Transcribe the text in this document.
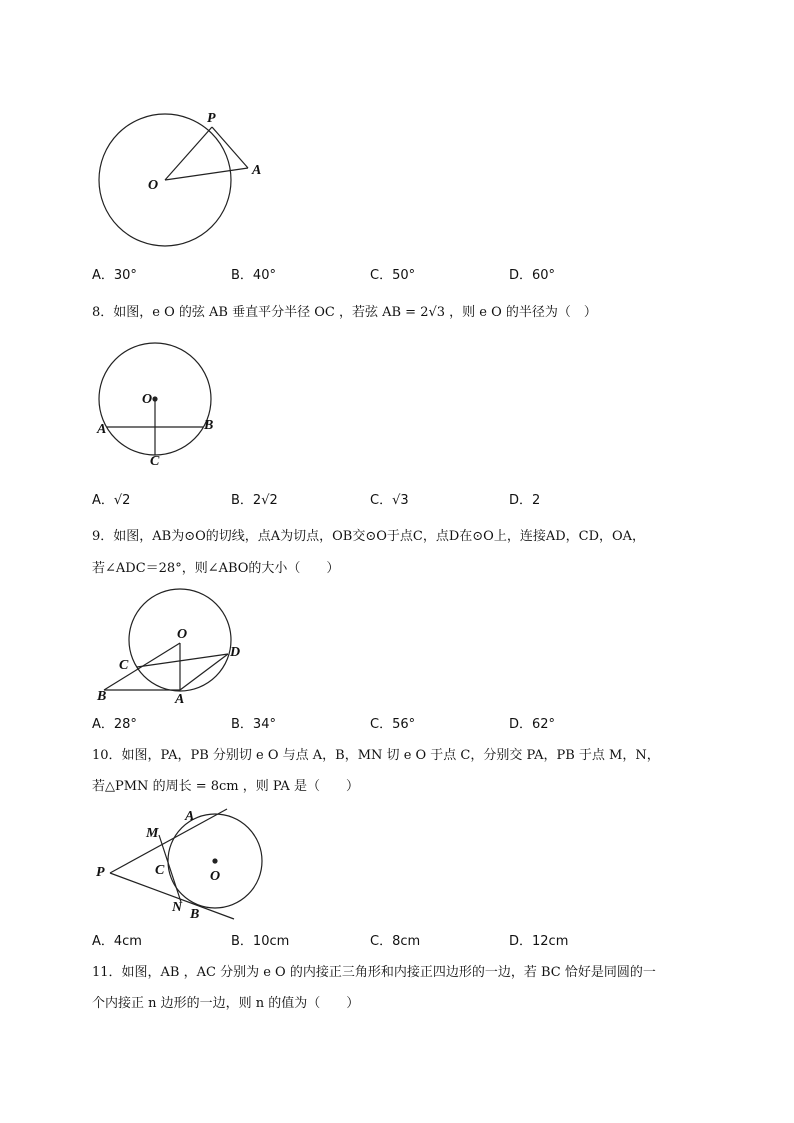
P
O
A
A．30°	B．40°	C．50°	D．60°
8．如图，e O 的弦 AB 垂直平分半径 OC ，若弦 AB = 2√3 ，则 e O 的半径为（　）
O
A	B
C
A．√2	B．2√2	C．√3	D．2
9．如图，AB为⊙O的切线，点A为切点，OB交⊙O于点C，点D在⊙O上，连接AD，CD，OA，
若∠ADC＝28°，则∠ABO的大小（　　）
O
C
D
B	A
A．28°	B．34°	C．56°	D．62°
10．如图，PA，PB 分别切 e O 与点 A，B，MN 切 e O 于点 C，分别交 PA，PB 于点 M，N，
若△PMN 的周长 = 8cm ，则 PA 是（　　）
A
M
P	C	O
N B
A．4cm	B．10cm	C．8cm	D．12cm
11．如图，AB ，AC 分别为 e O 的内接正三角形和内接正四边形的一边，若 BC 恰好是同圆的一
个内接正 n 边形的一边，则 n 的值为（　　）
